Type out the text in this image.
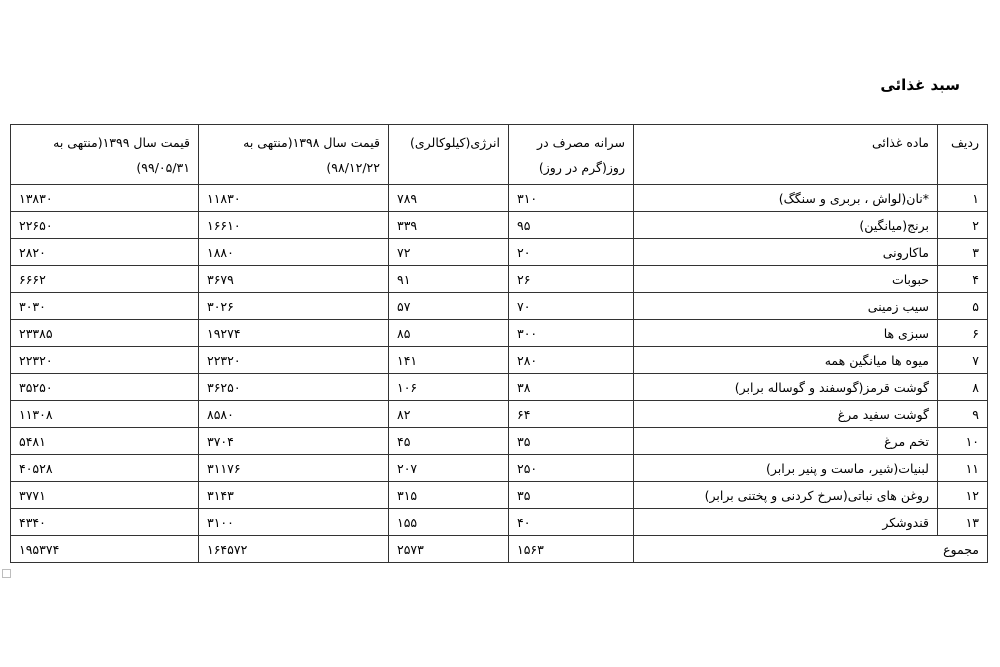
سبد غذائی
ردیف	ماده غذائی	سرانه مصرف در روز(گرم در روز)	انرژی(کیلوکالری)	قیمت سال ۱۳۹۸(منتهی به ۹۸/۱۲/۲۲)	قیمت سال ۱۳۹۹(منتهی به ۹۹/۰۵/۳۱)
۱	*نان(لواش ، بربری و سنگگ)	۳۱۰	۷۸۹	۱۱۸۳۰	۱۳۸۳۰
۲	برنج(میانگین)	۹۵	۳۳۹	۱۶۶۱۰	۲۲۶۵۰
۳	ماکارونی	۲۰	۷۲	۱۸۸۰	۲۸۲۰
۴	حبوبات	۲۶	۹۱	۳۶۷۹	۶۶۶۲
۵	سیب زمینی	۷۰	۵۷	۳۰۲۶	۳۰۳۰
۶	سبزی ها	۳۰۰	۸۵	۱۹۲۷۴	۲۳۳۸۵
۷	میوه ها میانگین همه	۲۸۰	۱۴۱	۲۲۳۲۰	۲۲۳۲۰
۸	گوشت قرمز(گوسفند و گوساله برابر)	۳۸	۱۰۶	۳۶۲۵۰	۳۵۲۵۰
۹	گوشت سفید مرغ	۶۴	۸۲	۸۵۸۰	۱۱۳۰۸
۱۰	تخم مرغ	۳۵	۴۵	۳۷۰۴	۵۴۸۱
۱۱	لبنیات(شیر، ماست و پنیر برابر)	۲۵۰	۲۰۷	۳۱۱۷۶	۴۰۵۲۸
۱۲	روغن های نباتی(سرخ کردنی و پختنی برابر)	۳۵	۳۱۵	۳۱۴۳	۳۷۷۱
۱۳	قندوشکر	۴۰	۱۵۵	۳۱۰۰	۴۳۴۰
مجموع		۱۵۶۳	۲۵۷۳	۱۶۴۵۷۲	۱۹۵۳۷۴
